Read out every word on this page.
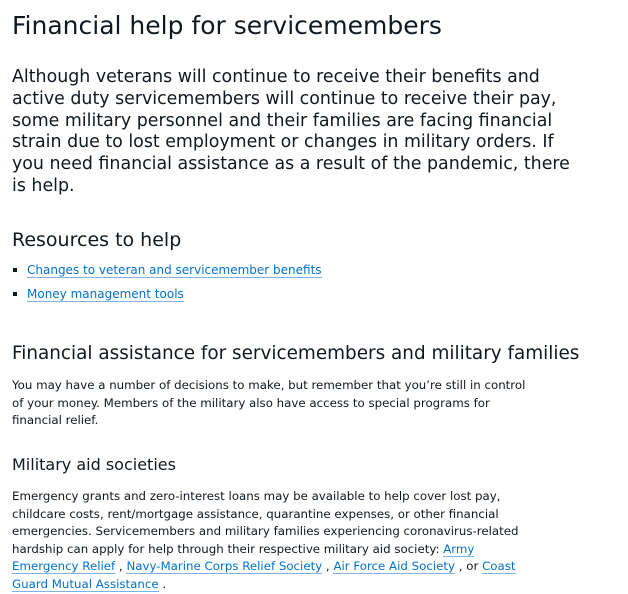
Financial help for servicemembers

Although veterans will continue to receive their benefits and active duty servicemembers will continue to receive their pay, some military personnel and their families are facing financial strain due to lost employment or changes in military orders. If you need financial assistance as a result of the pandemic, there is help.

Resources to help
Changes to veteran and servicemember benefits
Money management tools
Financial assistance for servicemembers and military families

You may have a number of decisions to make, but remember that you’re still in control of your money. Members of the military also have access to special programs for financial relief.

Military aid societies

Emergency grants and zero-interest loans may be available to help cover lost pay, childcare costs, rent/mortgage assistance, quarantine expenses, or other financial emergencies. Servicemembers and military families experiencing coronavirus-related hardship can apply for help through their respective military aid society: Army Emergency Relief , Navy-Marine Corps Relief Society , Air Force Aid Society , or Coast Guard Mutual Assistance .
